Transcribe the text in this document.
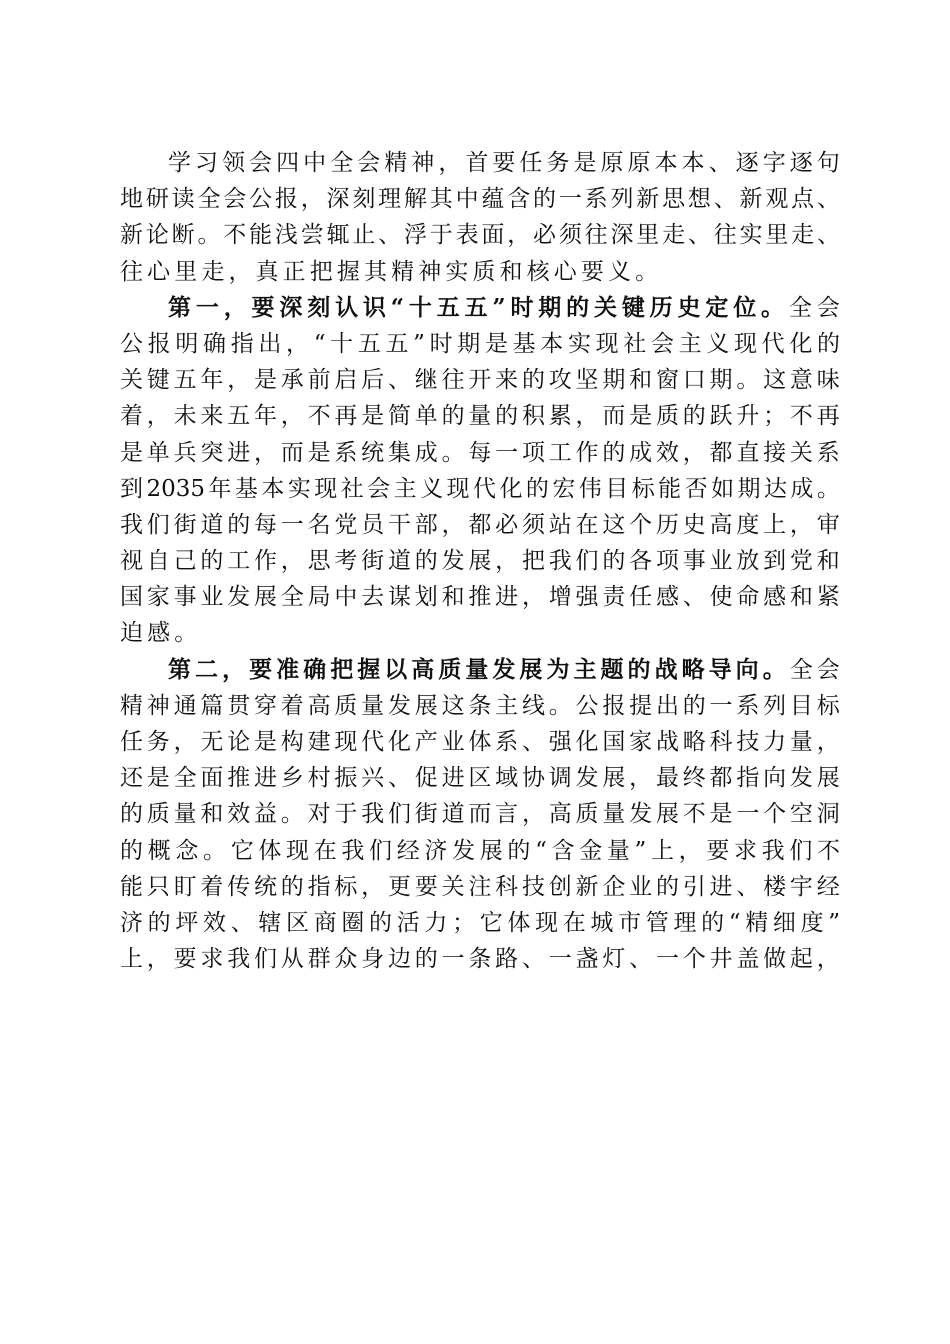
学 习 领 会 四 中 全 会 精 神 ， 首 要 任 务 是 原 原 本 本 、 逐 字 逐 句
地 研 读 全 会 公 报 ， 深 刻 理 解 其 中 蕴 含 的 一 系 列 新 思 想 、 新 观 点 、
新 论 断 。 不 能 浅 尝 辄 止 、 浮 于 表 面 ， 必 须 往 深 里 走 、 往 实 里 走 、
往 心 里 走 ， 真 正 把 握 其 精 神 实 质 和 核 心 要 义 。
第 一 ， 要 深 刻 认 识 “ 十 五 五 ” 时 期 的 关 键 历 史 定 位 。 全 会
公 报 明 确 指 出 ， “ 十 五 五 ” 时 期 是 基 本 实 现 社 会 主 义 现 代 化 的
关 键 五 年 ， 是 承 前 启 后 、 继 往 开 来 的 攻 坚 期 和 窗 口 期 。 这 意 味
着 ， 未 来 五 年 ， 不 再 是 简 单 的 量 的 积 累 ， 而 是 质 的 跃 升 ； 不 再
是 单 兵 突 进 ， 而 是 系 统 集 成 。 每 一 项 工 作 的 成 效 ， 都 直 接 关 系
到 2035 年 基 本 实 现 社 会 主 义 现 代 化 的 宏 伟 目 标 能 否 如 期 达 成 。
我 们 街 道 的 每 一 名 党 员 干 部 ， 都 必 须 站 在 这 个 历 史 高 度 上 ， 审
视 自 己 的 工 作 ， 思 考 街 道 的 发 展 ， 把 我 们 的 各 项 事 业 放 到 党 和
国 家 事 业 发 展 全 局 中 去 谋 划 和 推 进 ， 增 强 责 任 感 、 使 命 感 和 紧
迫 感 。
第 二 ， 要 准 确 把 握 以 高 质 量 发 展 为 主 题 的 战 略 导 向 。 全 会
精 神 通 篇 贯 穿 着 高 质 量 发 展 这 条 主 线 。 公 报 提 出 的 一 系 列 目 标
任 务 ， 无 论 是 构 建 现 代 化 产 业 体 系 、 强 化 国 家 战 略 科 技 力 量 ，
还 是 全 面 推 进 乡 村 振 兴 、 促 进 区 域 协 调 发 展 ， 最 终 都 指 向 发 展
的 质 量 和 效 益 。 对 于 我 们 街 道 而 言 ， 高 质 量 发 展 不 是 一 个 空 洞
的 概 念 。 它 体 现 在 我 们 经 济 发 展 的 “ 含 金 量 ” 上 ， 要 求 我 们 不
能 只 盯 着 传 统 的 指 标 ， 更 要 关 注 科 技 创 新 企 业 的 引 进 、 楼 宇 经
济 的 坪 效 、 辖 区 商 圈 的 活 力 ； 它 体 现 在 城 市 管 理 的 “ 精 细 度 ”
上 ， 要 求 我 们 从 群 众 身 边 的 一 条 路 、 一 盏 灯 、 一 个 井 盖 做 起 ，
